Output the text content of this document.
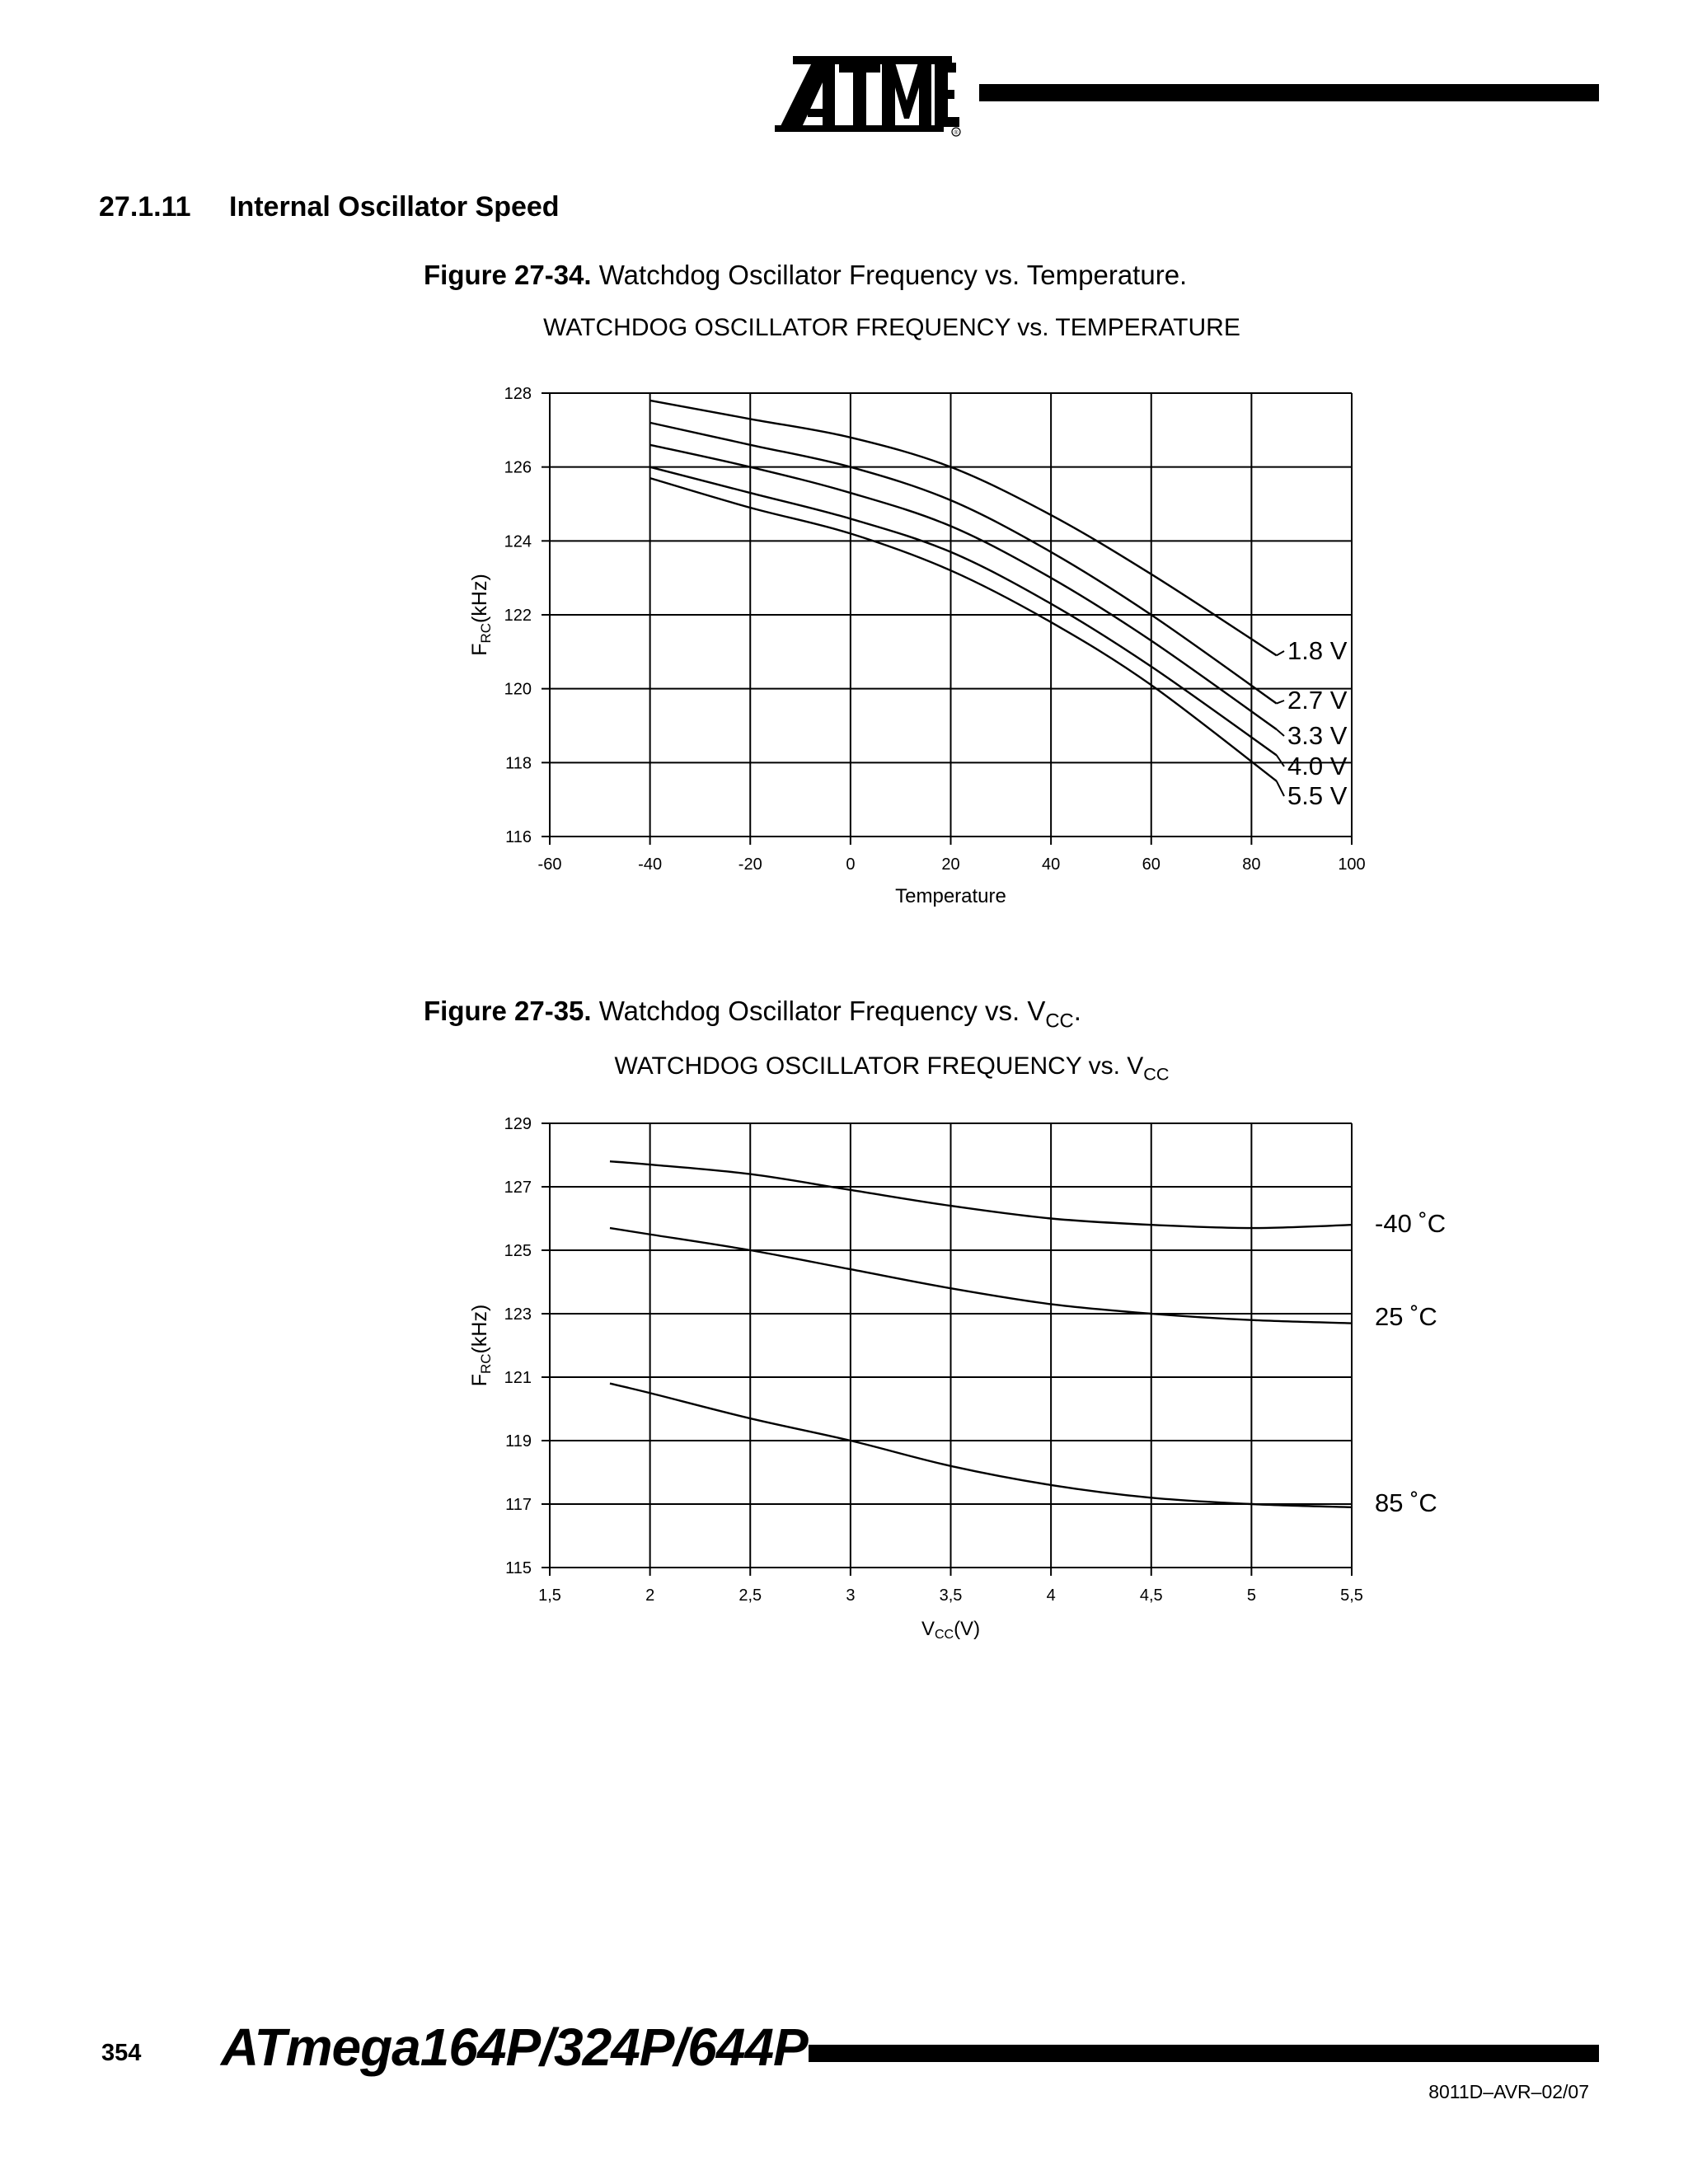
®
27.1.11 Internal Oscillator Speed
Figure 27-34. Watchdog Oscillator Frequency vs. Temperature.
WATCHDOG OSCILLATOR FREQUENCY vs. TEMPERATURE
Figure 27-35. Watchdog Oscillator Frequency vs. $V_{CC}$.
WATCHDOG OSCILLATOR FREQUENCY vs. $V_{CC}$
116
118
120
122
124
126
128
-60	-40	-20	0	20	40	60	80	100
$F_{RC}(kHz)$
Temperature
1.8 V
2.7 V
3.3 V
4.0 V
5.5 V
115
117
119
121
123
125
127
129
1,5	2	2,5	3	3,5	4	4,5	5	5,5
$F_{RC}(kHz)$
VCC(V)
-40 ˚C
25 ˚C
85 ˚C
354 ATmega164P/324P/644P
8011D–AVR–02/07
